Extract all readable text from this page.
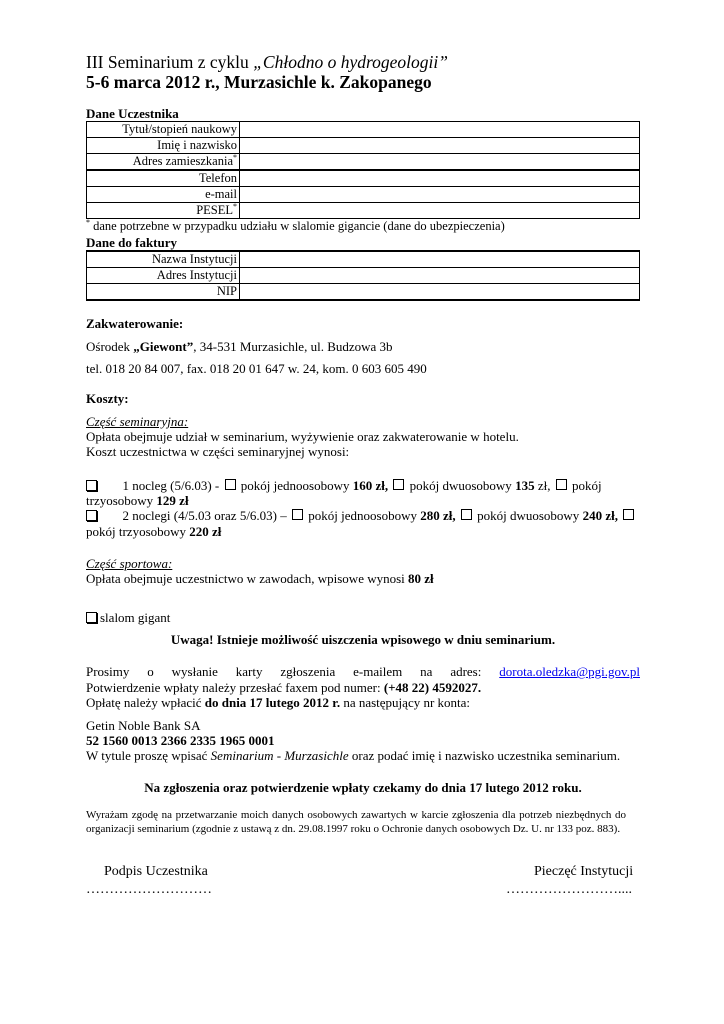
III Seminarium z cyklu „Chłodno o hydrogeologii”
5-6 marca 2012 r., Murzasichle k. Zakopanego
Dane Uczestnika
Tytuł/stopień naukowy	
Imię i nazwisko	
Adres zamieszkania*	
Telefon	
e-mail	
PESEL*	
* dane potrzebne w przypadku udziału w slalomie gigancie (dane do ubezpieczenia)
Dane do faktury
Nazwa Instytucji	
Adres Instytucji	
NIP	
Zakwaterowanie:
Ośrodek „Giewont”, 34-531 Murzasichle, ul. Budzowa 3b
tel. 018 20 84 007, fax. 018 20 01 647 w. 24, kom. 0 603 605 490
Koszty:
Część seminaryjna:
Opłata obejmuje udział w seminarium, wyżywienie oraz zakwaterowanie w hotelu.
Koszt uczestnictwa w części seminaryjnej wynosi:
1 nocleg (5/6.03) -  pokój jednoosobowy 160 zł,  pokój dwuosobowy 135 zł,  pokój
trzyosobowy 129 zł
2 noclegi (4/5.03 oraz 5/6.03) –  pokój jednoosobowy 280 zł,  pokój dwuosobowy 240 zł,
pokój trzyosobowy 220 zł
Część sportowa:
Opłata obejmuje uczestnictwo w zawodach, wpisowe wynosi 80 zł
slalom gigant
Uwaga! Istnieje możliwość uiszczenia wpisowego w dniu seminarium.
Prosimy o wysłanie karty zgłoszenia e-mailem na adres: dorota.oledzka@pgi.gov.pl
Potwierdzenie wpłaty należy przesłać faxem pod numer: (+48 22) 4592027.
Opłatę należy wpłacić do dnia 17 lutego 2012 r. na następujący nr konta:
Getin Noble Bank SA
52 1560 0013 2366 2335 1965 0001
W tytule proszę wpisać Seminarium - Murzasichle oraz podać imię i nazwisko uczestnika seminarium.
Na zgłoszenia oraz potwierdzenie wpłaty czekamy do dnia 17 lutego 2012 roku.
Wyrażam zgodę na przetwarzanie moich danych osobowych zawartych w karcie zgłoszenia dla potrzeb niezbędnych do organizacji seminarium (zgodnie z ustawą z dn. 29.08.1997 roku o Ochronie danych osobowych Dz. U. nr 133 poz. 883).
Podpis Uczestnika
………………………
Pieczęć Instytucji
……………………....
